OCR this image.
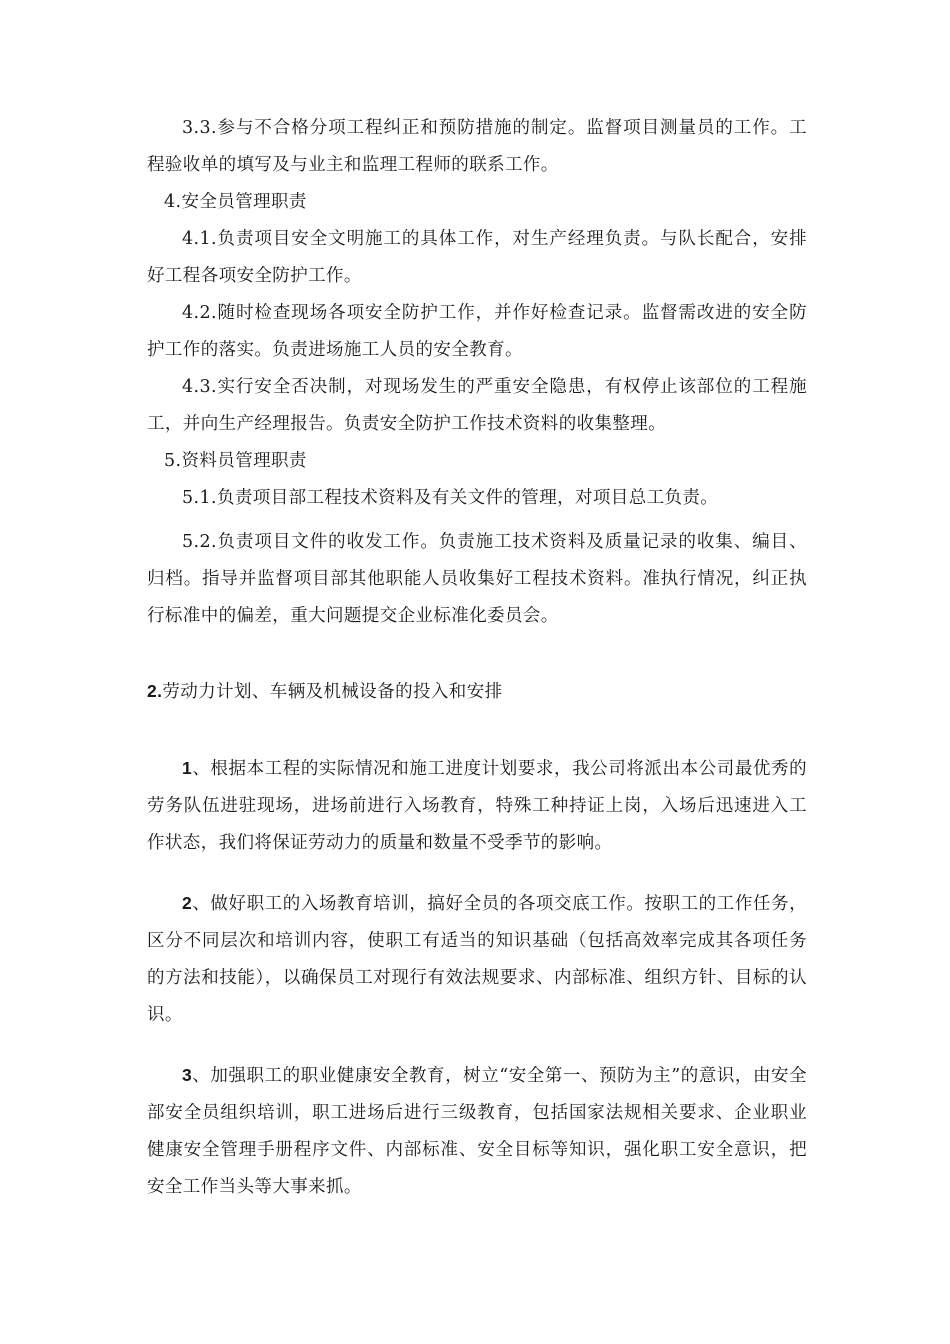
3.3.参与不合格分项工程纠正和预防措施的制定。监督项目测量员的工作。工程验收单的填写及与业主和监理工程师的联系工作。

4.安全员管理职责

4.1.负责项目安全文明施工的具体工作，对生产经理负责。与队长配合，安排好工程各项安全防护工作。

4.2.随时检查现场各项安全防护工作，并作好检查记录。监督需改进的安全防护工作的落实。负责进场施工人员的安全教育。

4.3.实行安全否决制，对现场发生的严重安全隐患，有权停止该部位的工程施工，并向生产经理报告。负责安全防护工作技术资料的收集整理。

5.资料员管理职责

5.1.负责项目部工程技术资料及有关文件的管理，对项目总工负责。

5.2.负责项目文件的收发工作。负责施工技术资料及质量记录的收集、编目、归档。指导并监督项目部其他职能人员收集好工程技术资料。准执行情况，纠正执行标准中的偏差，重大问题提交企业标准化委员会。

2.劳动力计划、车辆及机械设备的投入和安排

1、根据本工程的实际情况和施工进度计划要求，我公司将派出本公司最优秀的劳务队伍进驻现场，进场前进行入场教育，特殊工种持证上岗，入场后迅速进入工作状态，我们将保证劳动力的质量和数量不受季节的影响。

2、做好职工的入场教育培训，搞好全员的各项交底工作。按职工的工作任务，区分不同层次和培训内容，使职工有适当的知识基础（包括高效率完成其各项任务的方法和技能），以确保员工对现行有效法规要求、内部标准、组织方针、目标的认识。

3、加强职工的职业健康安全教育，树立“安全第一、预防为主”的意识，由安全部安全员组织培训，职工进场后进行三级教育，包括国家法规相关要求、企业职业健康安全管理手册程序文件、内部标准、安全目标等知识，强化职工安全意识，把安全工作当头等大事来抓。
